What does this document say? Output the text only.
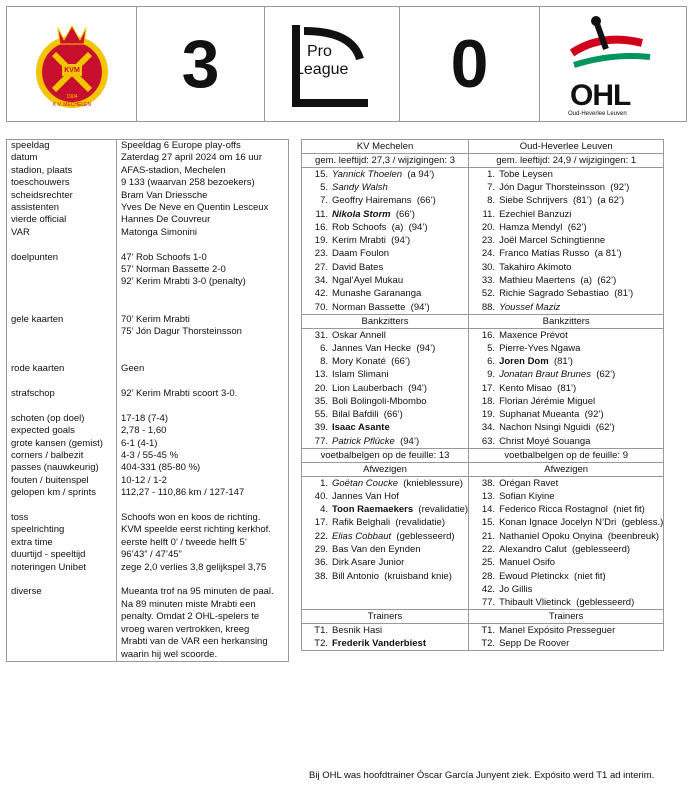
KVM
1904
K.V. MECHELEN
3	Pro
League 0	OHL
Oud-Heverlee Leuven
speeldag	Speeldag 6 Europe play-offs
datum	Zaterdag 27 april 2024 om 16 uur
stadion, plaats	AFAS-stadion, Mechelen
toeschouwers	9 133 (waarvan 258 bezoekers)
scheidsrechter	Bram Van Driessche
assistenten	Yves De Neve en Quentin Lesceux
vierde official	Hannes De Couvreur
VAR	Matonga Simonini

doelpunten	47’ Rob Schoofs 1-0
	57’ Norman Bassette 2-0
	92’ Kerim Mrabti 3-0 (penalty)

gele kaarten	70’ Kerim Mrabti
	75’ Jón Dagur Thorsteinsson

rode kaarten	Geen

strafschop	92’ Kerim Mrabti scoort 3-0.

schoten (op doel)	17-18 (7-4)
expected goals	2,78 - 1,60
grote kansen (gemist)	6-1 (4-1)
corners / balbezit	4-3 / 55-45 %
passes (nauwkeurig)	404-331 (85-80 %)
fouten / buitenspel	10-12 / 1-2
gelopen km / sprints	112,27 - 110,86 km / 127-147

toss	Schoofs won en koos de richting.
speelrichting	KVM speelde eerst richting kerkhof.
extra time	eerste helft 0’ / tweede helft 5’
duurtijd - speeltijd	96’43” / 47’45”
noteringen Unibet	zege 2,0 verlies 3,8 gelijkspel 3,75

diverse	Mueanta trof na 95 minuten de paal.
	Na 89 minuten miste Mrabti een
	penalty. Omdat 2 OHL-spelers te
	vroeg waren vertrokken, kreeg
	Mrabti van de VAR een herkansing
	waarin hij wel scoorde.
KV Mechelen	Oud-Heverlee Leuven
gem. leeftijd: 27,3 / wijzigingen: 3	gem. leeftijd: 24,9 / wijzigingen: 1
15. Yannick Thoelen  (a 94’)	1. Tobe Leysen
5. Sandy Walsh	7. Jón Dagur Thorsteinsson  (92’)
7. Geoffry Hairemans  (66’)	8. Siebe Schrijvers  (81’)  (a 62’)
11. Nikola Storm  (66’)	11. Ezechiel Banzuzi
16. Rob Schoofs  (a)  (94’)	20. Hamza Mendyl  (62’)
19. Kerim Mrabti  (94’)	23. Joël Marcel Schingtienne
23. Daam Foulon	24. Franco Matías Russo  (a 81’)
27. David Bates	30. Takahiro Akimoto
34. Ngal’Ayel Mukau	33. Mathieu Maertens  (a)  (62’)
42. Munashe Garananga	52. Richie Sagrado Sebastiao  (81’)
70. Norman Bassette  (94’)	88. Youssef Maziz
Bankzitters	Bankzitters
31. Oskar Annell	16. Maxence Prévot
6. Jannes Van Hecke  (94’)	5. Pierre-Yves Ngawa
8. Mory Konaté  (66’)	6. Joren Dom  (81’)
13. Islam Slimani	9. Jonatan Braut Brunes  (62’)
20. Lion Lauberbach  (94’)	17. Kento Misao  (81’)
35. Boli Bolingoli-Mbombo	18. Florian Jérémie Miguel
55. Bilal Bafdili  (66’)	19. Suphanat Mueanta  (92’)
39. Isaac Asante	34. Nachon Nsingi Nguidi  (62’)
77. Patrick Pflücke  (94’)	63. Christ Moyé Souanga
voetbalbelgen op de feuille: 13	voetbalbelgen op de feuille: 9
Afwezigen	Afwezigen
1. Goëtan Coucke  (knieblessure)	38. Orégan Ravet
40. Jannes Van Hof	13. Sofian Kiyine
4. Toon Raemaekers  (revalidatie)	14. Federico Ricca Rostagnol  (niet fit)
17. Rafik Belghali  (revalidatie)	15. Konan Ignace Jocelyn N’Dri  (gebless.)
22. Elias Cobbaut  (geblesseerd)	21. Nathaniel Opoku Onyina  (beenbreuk)
29. Bas Van den Eynden	22. Alexandro Calut  (geblesseerd)
36. Dirk Asare Junior	25. Manuel Osifo
38. Bill Antonio  (kruisband knie)	28. Ewoud Pletinckx  (niet fit)
	42. Jo Gillis
	77. Thibault Vlietinck  (geblesseerd)
Trainers	Trainers
T1. Besnik Hasi	T1. Manel Expósito Presseguer
T2. Frederik Vanderbiest	T2. Sepp De Roover
Bij OHL was hoofdtrainer Óscar García Junyent ziek. Expósito werd T1 ad interim.
